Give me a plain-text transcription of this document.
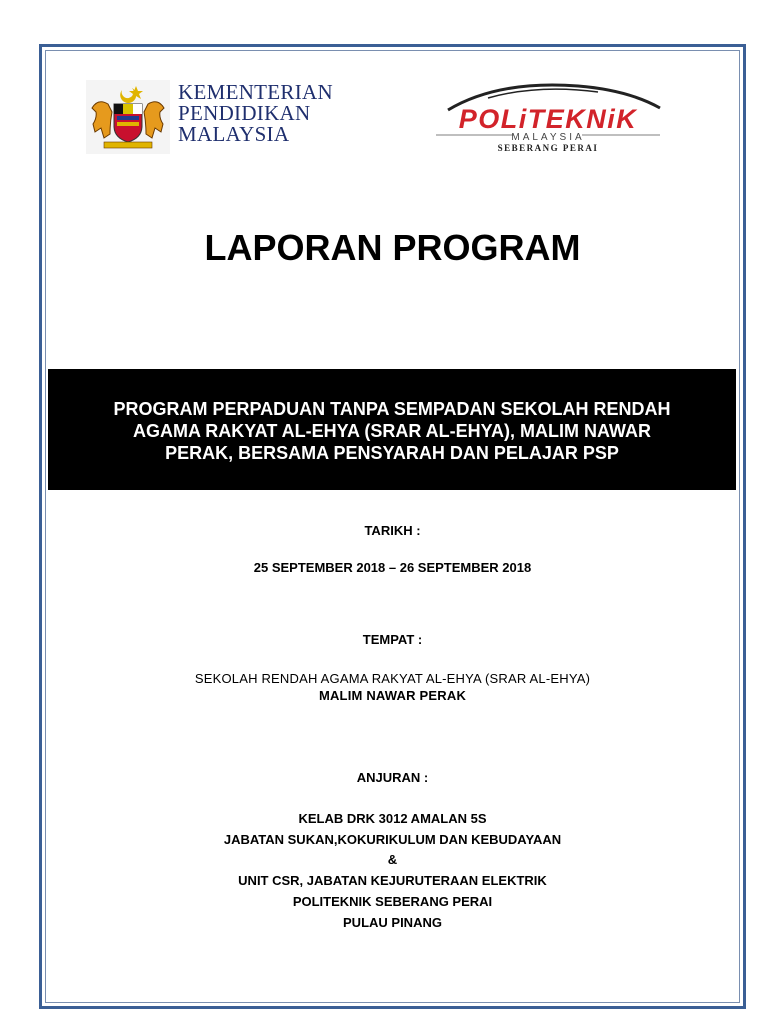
KEMENTERIAN
PENDIDIKAN
MALAYSIA	POLiTEKNiK
MALAYSIA
SEBERANG PERAI
LAPORAN PROGRAM
PROGRAM PERPADUAN TANPA SEMPADAN SEKOLAH RENDAH
AGAMA RAKYAT AL-EHYA (SRAR AL-EHYA), MALIM NAWAR
PERAK, BERSAMA PENSYARAH DAN PELAJAR PSP
TARIKH :
25 SEPTEMBER 2018 – 26 SEPTEMBER 2018
TEMPAT :
SEKOLAH RENDAH AGAMA RAKYAT AL-EHYA (SRAR AL-EHYA)
MALIM NAWAR PERAK
ANJURAN :
KELAB DRK 3012 AMALAN 5S
JABATAN SUKAN,KOKURIKULUM DAN KEBUDAYAAN
&
UNIT CSR, JABATAN KEJURUTERAAN ELEKTRIK
POLITEKNIK SEBERANG PERAI
PULAU PINANG
